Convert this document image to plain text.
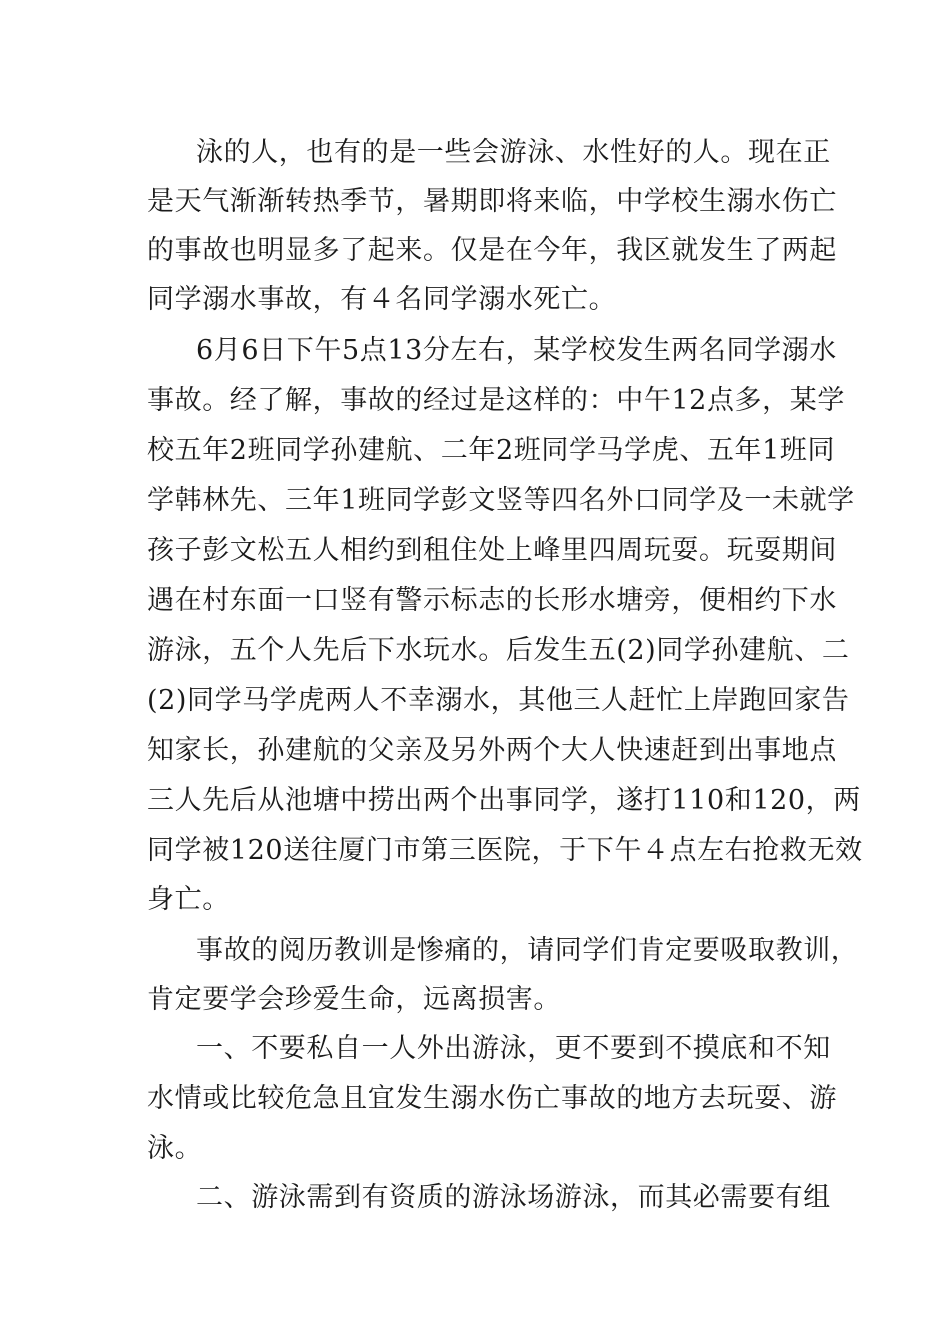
泳的人，也有的是一些会游泳、水性好的人。现在正
是天气渐渐转热季节，暑期即将来临，中学校生溺水伤亡
的事故也明显多了起来。仅是在今年，我区就发生了两起
同学溺水事故，有４名同学溺水死亡。
6月6日下午5点13分左右，某学校发生两名同学溺水
事故。经了解，事故的经过是这样的：中午12点多，某学
校五年2班同学孙建航、二年2班同学马学虎、五年1班同
学韩林先、三年1班同学彭文竖等四名外口同学及一未就学
孩子彭文松五人相约到租住处上峰里四周玩耍。玩耍期间
遇在村东面一口竖有警示标志的长形水塘旁，便相约下水
游泳，五个人先后下水玩水。后发生五(2)同学孙建航、二
(2)同学马学虎两人不幸溺水，其他三人赶忙上岸跑回家告
知家长，孙建航的父亲及另外两个大人快速赶到出事地点
三人先后从池塘中捞出两个出事同学，遂打110和120，两
同学被120送往厦门市第三医院，于下午４点左右抢救无效
身亡。
事故的阅历教训是惨痛的，请同学们肯定要吸取教训，
肯定要学会珍爱生命，远离损害。
一、不要私自一人外出游泳，更不要到不摸底和不知
水情或比较危急且宜发生溺水伤亡事故的地方去玩耍、游
泳。
二、游泳需到有资质的游泳场游泳，而其必需要有组
